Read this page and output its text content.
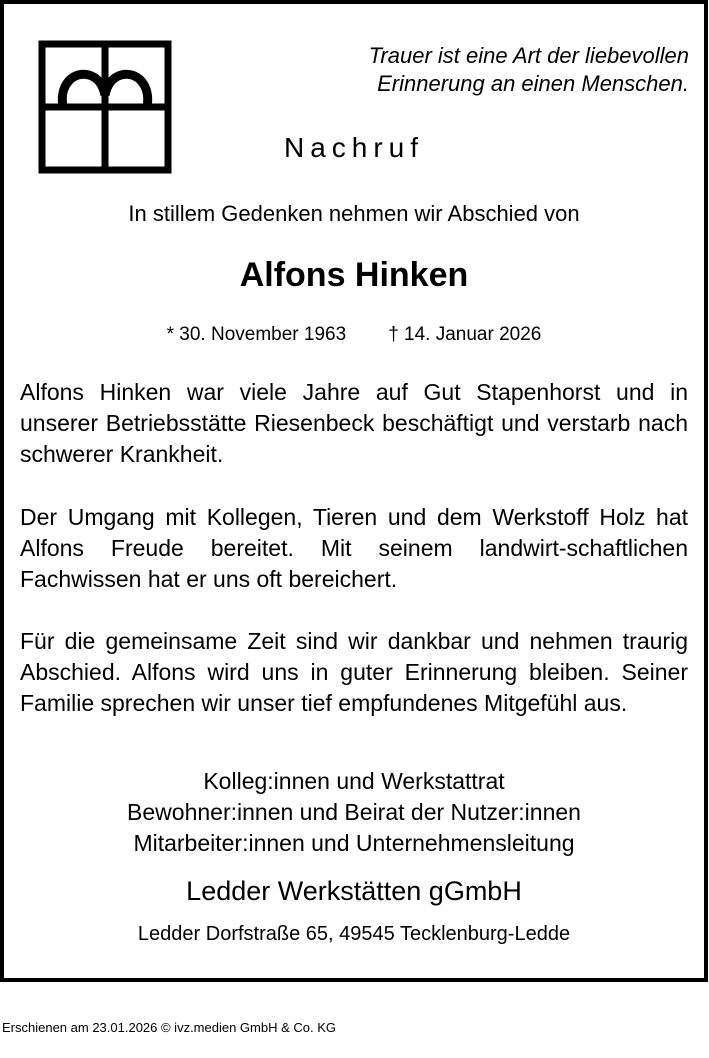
Trauer ist eine Art der liebevollen
Erinnerung an einen Menschen.
Nachruf
In stillem Gedenken nehmen wir Abschied von
Alfons Hinken
* 30. November 1963 † 14. Januar 2026
Alfons Hinken war viele Jahre auf Gut Stapenhorst und in unserer Betriebsstätte Riesenbeck beschäftigt und verstarb nach schwerer Krankheit.
Der Umgang mit Kollegen, Tieren und dem Werkstoff Holz hat Alfons Freude bereitet. Mit seinem landwirt-schaftlichen Fachwissen hat er uns oft bereichert.
Für die gemeinsame Zeit sind wir dankbar und nehmen traurig Abschied. Alfons wird uns in guter Erinnerung bleiben. Seiner Familie sprechen wir unser tief empfundenes Mitgefühl aus.
Kolleg:innen und Werkstattrat
Bewohner:innen und Beirat der Nutzer:innen
Mitarbeiter:innen und Unternehmensleitung
Ledder Werkstätten gGmbH
Ledder Dorfstraße 65, 49545 Tecklenburg-Ledde
Erschienen am 23.01.2026 © ivz.medien GmbH & Co. KG
